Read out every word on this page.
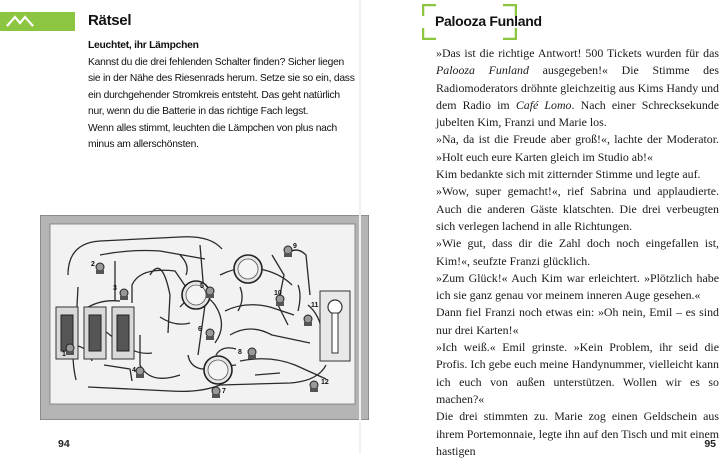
Rätsel

Leuchtet, ihr Lämpchen

Kannst du die drei fehlenden Schalter finden? Sicher liegen sie in der Nähe des Riesenrads herum. Setze sie so ein, dass ein durchgehender Stromkreis entsteht. Das geht natürlich nur, wenn du die Batterie in das richtige Fach legst.

Wenn alles stimmt, leuchten die Lämpchen von plus nach minus am allerschönsten.

1
2
3
4
5
6
7
8
9
10
11
12
94
Palooza Funland

»Das ist die richtige Antwort! 500 Tickets wurden für das Palooza Funland ausgegeben!« Die Stimme des Radiomoderators dröhnte gleichzeitig aus Kims Handy und dem Radio im Café Lomo. Nach einer Schrecksekunde jubelten Kim, Franzi und Marie los.

»Na, da ist die Freude aber groß!«, lachte der Moderator. »Holt euch eure Karten gleich im Studio ab!«

Kim bedankte sich mit zitternder Stimme und legte auf.

»Wow, super gemacht!«, rief Sabrina und applaudierte. Auch die anderen Gäste klatschten. Die drei verbeugten sich verlegen lachend in alle Richtungen.

»Wie gut, dass dir die Zahl doch noch eingefallen ist, Kim!«, seufzte Franzi glücklich.

»Zum Glück!« Auch Kim war erleichtert. »Plötzlich habe ich sie ganz genau vor meinem inneren Auge gesehen.«

Dann fiel Franzi noch etwas ein: »Oh nein, Emil – es sind nur drei Karten!«

»Ich weiß.« Emil grinste. »Kein Problem, ihr seid die Profis. Ich gebe euch meine Handynummer, vielleicht kann ich euch von außen unterstützen. Wollen wir es so machen?«

Die drei stimmten zu. Marie zog einen Geldschein aus ihrem Portemonnaie, legte ihn auf den Tisch und mit einem hastigen	95
